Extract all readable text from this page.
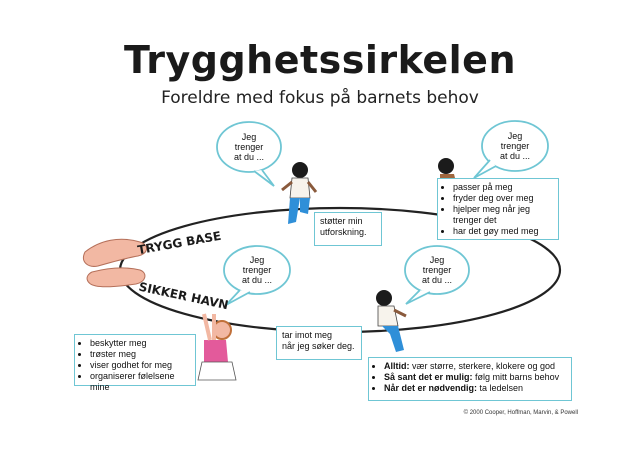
Trygghetssirkelen
Foreldre med fokus på barnets behov
TRYGG BASE
SIKKER HAVN
Jeg
trenger
at du ...
Jeg
trenger
at du ...
Jeg
trenger
at du ...
Jeg
trenger
at du ...
støtter min
utforskning.
• passer på meg
• fryder deg over meg
• hjelper meg når jeg trenger det
• har det gøy med meg
tar imot meg
når jeg søker deg.
• beskytter meg
• trøster meg
• viser godhet for meg
• organiserer følelsene mine
• Alltid: vær større, sterkere, klokere og god
• Så sant det er mulig: følg mitt barns behov
• Når det er nødvendig: ta ledelsen
© 2000 Cooper, Hoffman, Marvin, & Powell
